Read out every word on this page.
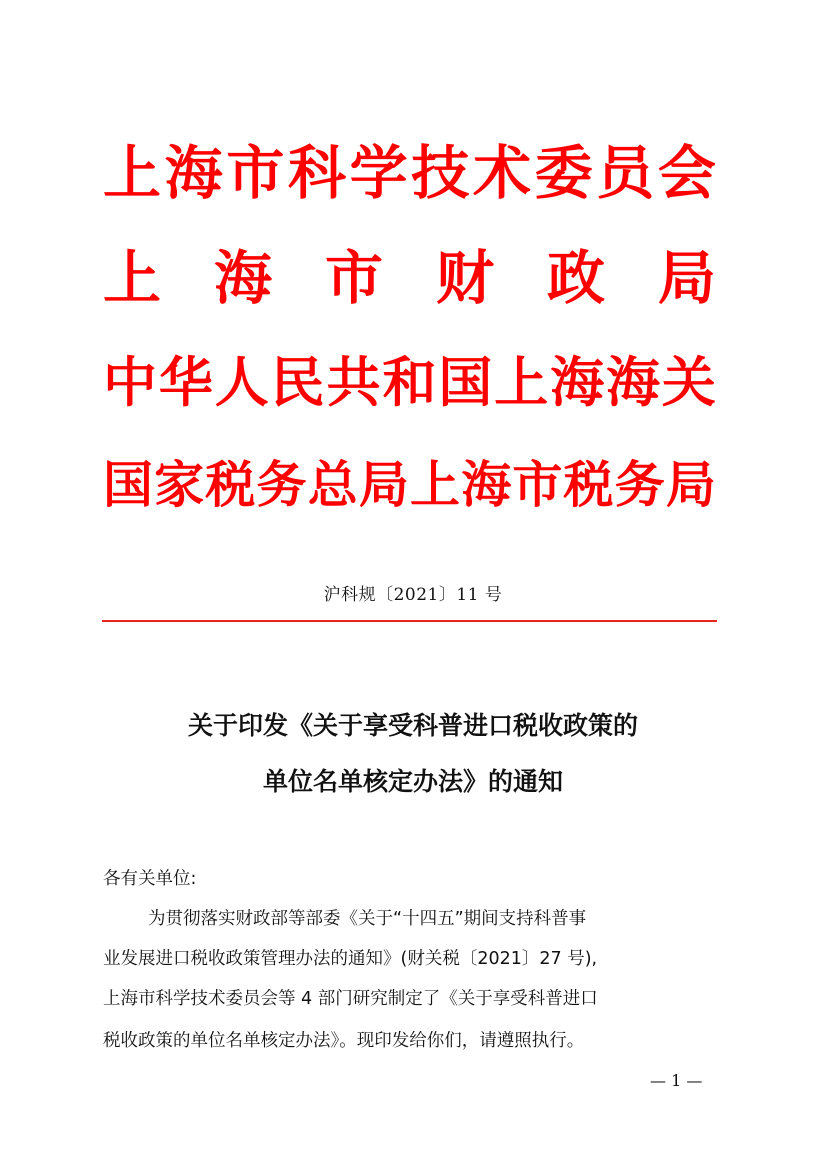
上 海 市 科 学 技 术 委 员 会
上 海 市 财 政 局
中 华 人 民 共 和 国 上 海 海 关
国 家 税 务 总 局 上 海 市 税 务 局
沪科规〔2021〕11 号
关于印发《关于享受科普进口税收政策的
单位名单核定办法》的通知
各有关单位:
为贯彻落实财政部等部委《关于“十四五”期间支持科普事
业发展进口税收政策管理办法的通知》(财关税〔2021〕27 号),
上海市科学技术委员会等 4 部门研究制定了《关于享受科普进口
税收政策的单位名单核定办法》。现印发给你们，请遵照执行。
— 1 —
